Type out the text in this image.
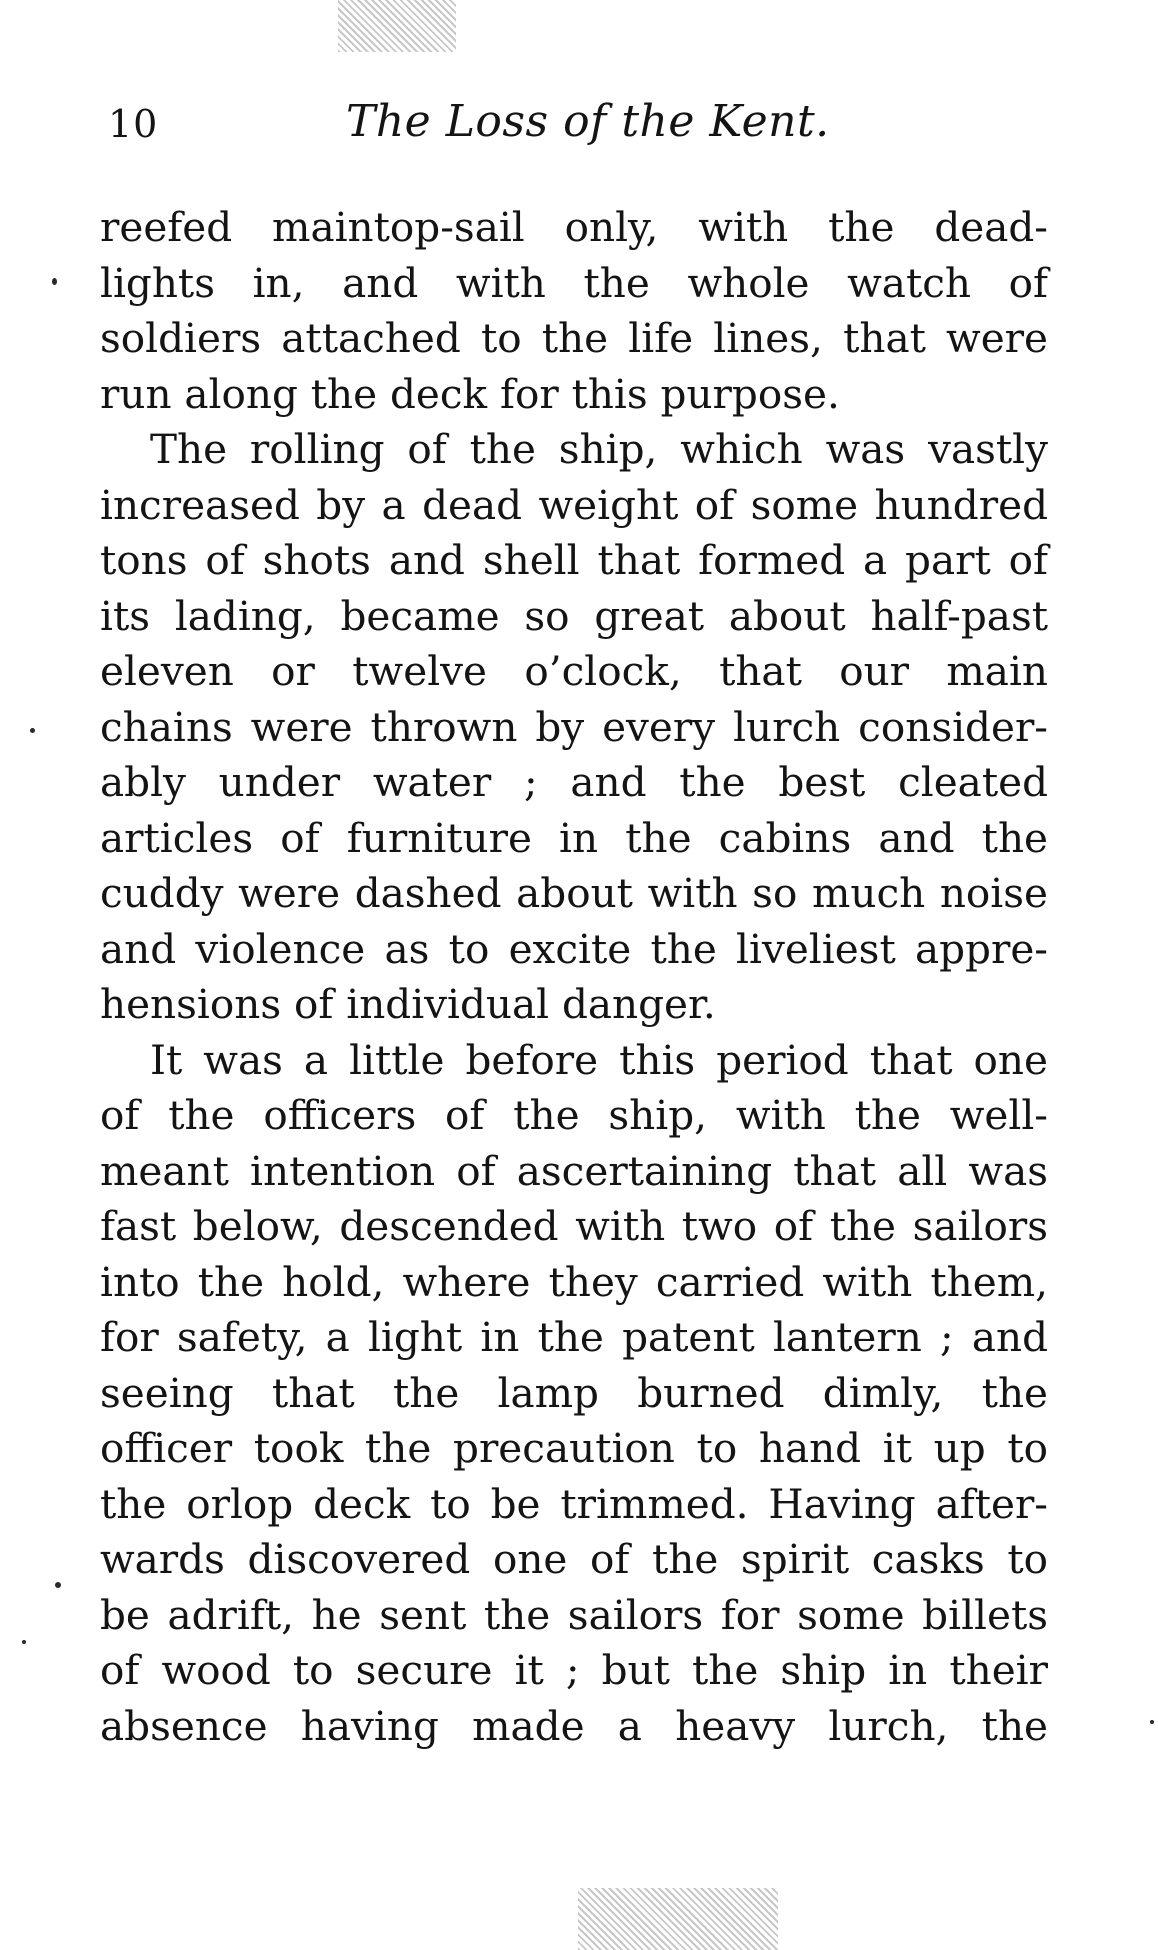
10	The Loss of the Kent.
reefed maintop-sail only, with the dead-
lights in, and with the whole watch of
soldiers attached to the life lines, that were
run along the deck for this purpose.
The rolling of the ship, which was vastly
increased by a dead weight of some hundred
tons of shots and shell that formed a part of
its lading, became so great about half-past
eleven or twelve o’clock, that our main
chains were thrown by every lurch consider-
ably under water ; and the best cleated
articles of furniture in the cabins and the
cuddy were dashed about with so much noise
and violence as to excite the liveliest appre-
hensions of individual danger.
It was a little before this period that one
of the officers of the ship, with the well-
meant intention of ascertaining that all was
fast below, descended with two of the sailors
into the hold, where they carried with them,
for safety, a light in the patent lantern ; and
seeing that the lamp burned dimly, the
officer took the precaution to hand it up to
the orlop deck to be trimmed. Having after-
wards discovered one of the spirit casks to
be adrift, he sent the sailors for some billets
of wood to secure it ; but the ship in their
absence having made a heavy lurch, the
